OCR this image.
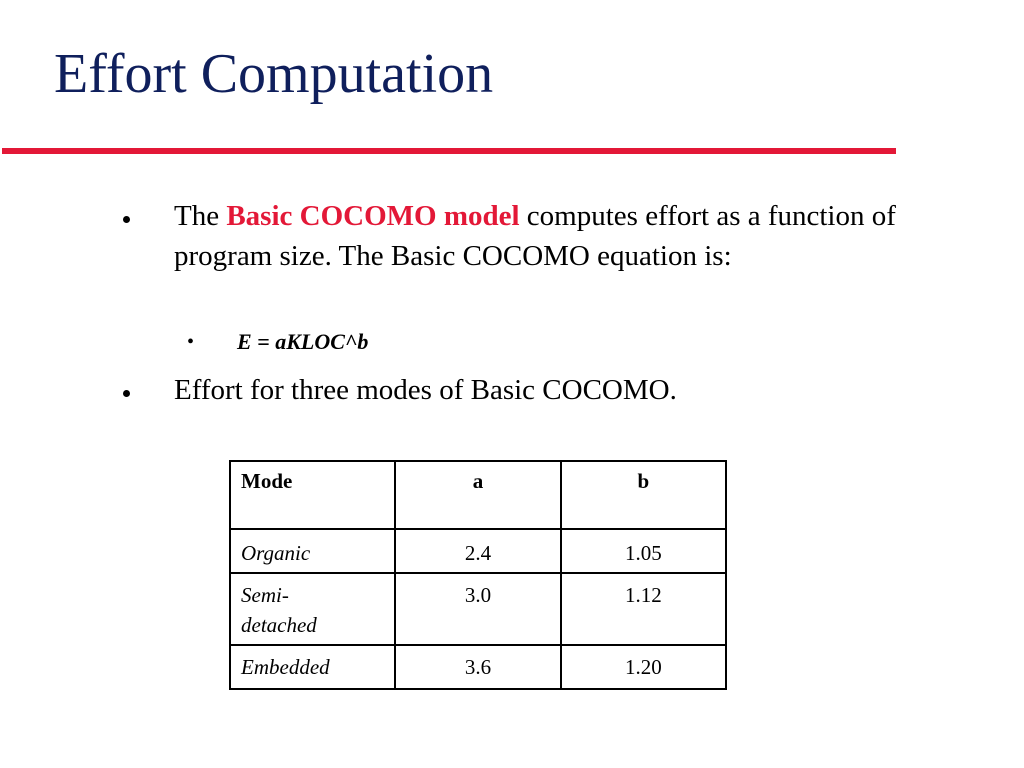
Effort Computation
The Basic COCOMO model computes effort as a function of program size. The Basic COCOMO equation is:
• E = aKLOC^b
Effort for three modes of Basic COCOMO.
Mode	a	b
Organic	2.4	1.05
Semi-
detached	3.0	1.12
Embedded	3.6	1.20
